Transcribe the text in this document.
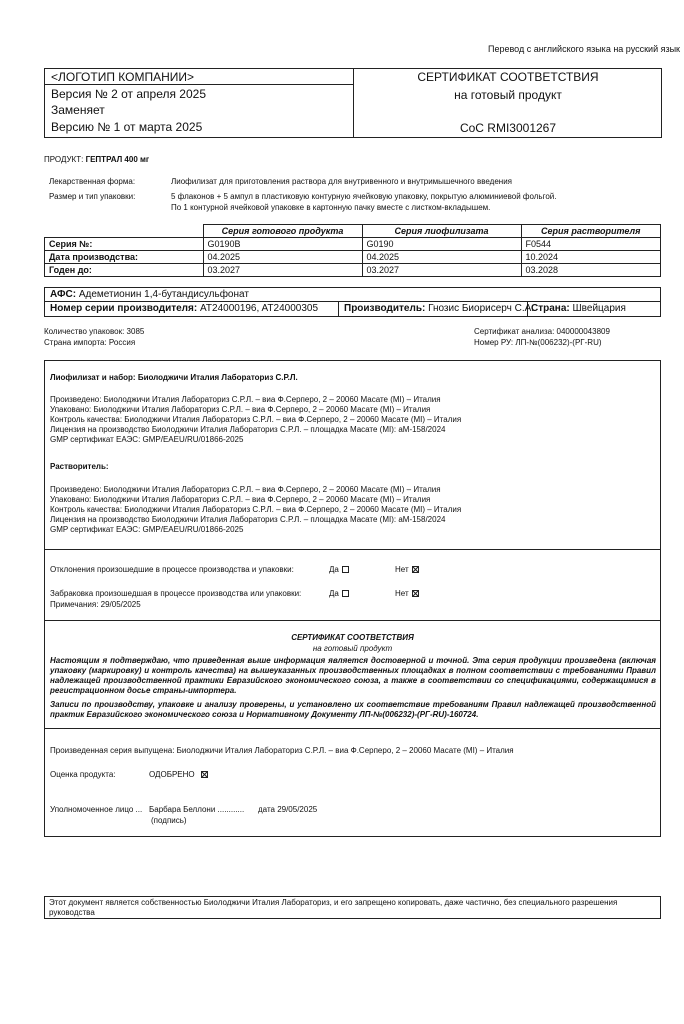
Перевод с английского языка на русский язык
<ЛОГОТИП КОМПАНИИ>
Версия № 2 от апреля 2025
Заменяет
Версию № 1 от марта 2025
СЕРТИФИКАТ СООТВЕТСТВИЯ
на готовый продукт
CoC RMI3001267
ПРОДУКТ: ГЕПТРАЛ 400 мг
Лекарственная форма:	Лиофилизат для приготовления раствора для внутривенного и внутримышечного введения
Размер и тип упаковки:	5 флаконов + 5 ампул в пластиковую контурную ячейковую упаковку, покрытую алюминиевой фольгой.
По 1 контурной ячейковой упаковке в картонную пачку вместе с листком-вкладышем.
	Серия готового продукта	Серия лиофилизата	Серия растворителя
Серия №:	G0190B	G0190	F0544
Дата производства:	04.2025	04.2025	10.2024
Годен до:	03.2027	03.2027	03.2028
АФС: Адеметионин 1,4-бутандисульфонат
Номер серии производителя: AT24000196, AT24000305	Производитель: Гнозис Биорисерч С.А.
Страна: Швейцария
Количество упаковок: 3085
Страна импорта: Россия
Сертификат анализа: 040000043809
Номер РУ: ЛП-№(006232)-(РГ-RU)
Лиофилизат и набор: Биолоджичи Италия Лабораториз С.Р.Л.
Произведено: Биолоджичи Италия Лабораториз С.Р.Л. – виа Ф.Серперо, 2 – 20060 Масате (MI) – Италия
Упаковано: Биолоджичи Италия Лабораториз С.Р.Л. – виа Ф.Серперо, 2 – 20060 Масате (MI) – Италия
Контроль качества: Биолоджичи Италия Лабораториз С.Р.Л. – виа Ф.Серперо, 2 – 20060 Масате (MI) – Италия
Лицензия на производство Биолоджичи Италия Лабораториз С.Р.Л. – площадка Масате (MI): aM-158/2024
GMP сертификат ЕАЭС: GMP/EAEU/RU/01866-2025
Растворитель:
Произведено: Биолоджичи Италия Лабораториз С.Р.Л. – виа Ф.Серперо, 2 – 20060 Масате (MI) – Италия
Упаковано: Биолоджичи Италия Лабораториз С.Р.Л. – виа Ф.Серперо, 2 – 20060 Масате (MI) – Италия
Контроль качества: Биолоджичи Италия Лабораториз С.Р.Л. – виа Ф.Серперо, 2 – 20060 Масате (MI) – Италия
Лицензия на производство Биолоджичи Италия Лабораториз С.Р.Л. – площадка Масате (MI): aM-158/2024
GMP сертификат ЕАЭС: GMP/EAEU/RU/01866-2025
Отклонения произошедшие в процессе производства и упаковки:	Да	Нет
Забраковка произошедшая в процессе производства или упаковки:	Да	Нет
Примечания: 29/05/2025
СЕРТИФИКАТ СООТВЕТСТВИЯ
на готовый продукт
Настоящим я подтверждаю, что приведенная выше информация является достоверной и точной. Эта серия продукции произведена (включая упаковку (маркировку) и контроль качества) на вышеуказанных производственных площадках в полном соответствии с требованиями Правил надлежащей производственной практики Евразийского экономического союза, а также в соответствии со спецификациями, содержащимися в регистрационном досье страны-импортера.
Записи по производству, упаковке и анализу проверены, и установлено их соответствие требованиям Правил надлежащей производственной практик Евразийского экономического союза и Нормативному Документу ЛП-№(006232)-(РГ-RU)-160724.
Произведенная серия выпущена: Биолоджичи Италия Лабораториз С.Р.Л. – виа Ф.Серперо, 2 – 20060 Масате (MI) – Италия
Оценка продукта:	ОДОБРЕНО
Уполномоченное лицо ... Барбара Беллони ............ дата 29/05/2025
(подпись)
Этот документ является собственностью Биолоджичи Италия Лабораториз, и его запрещено копировать, даже частично, без специального разрешения руководства
